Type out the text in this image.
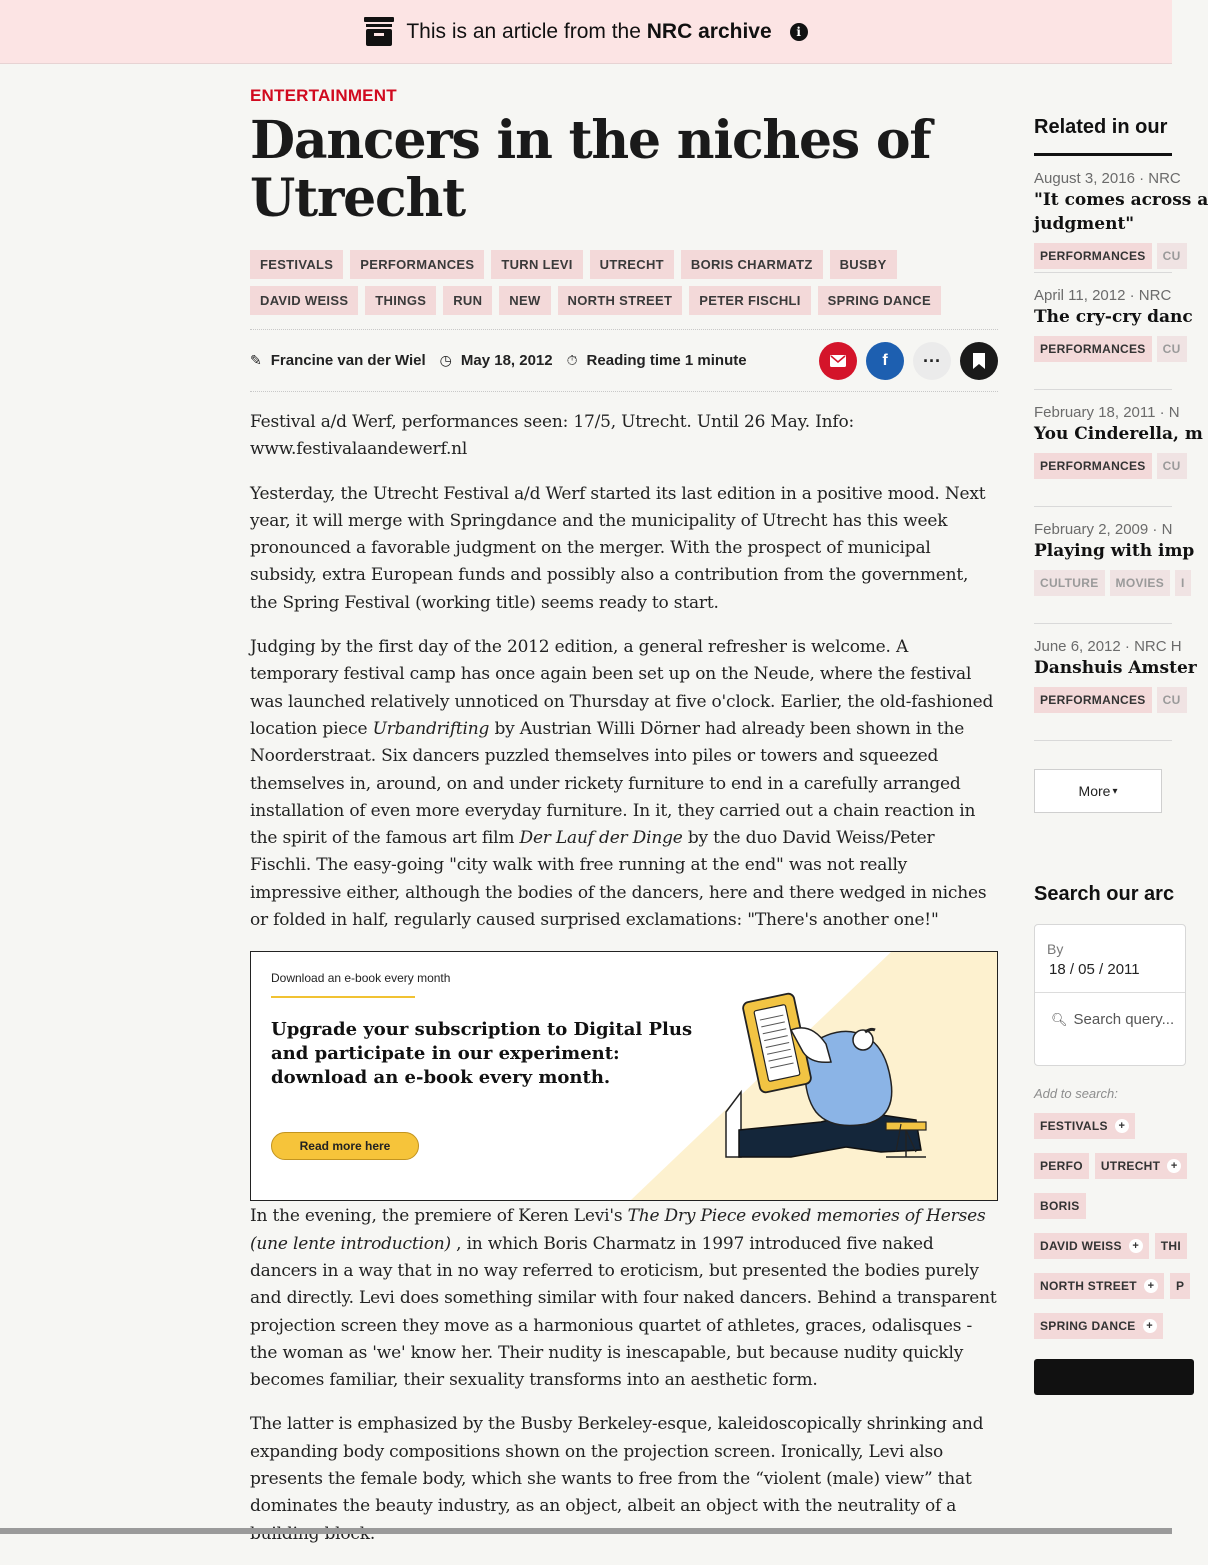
This is an article from the NRC archive	i
ENTERTAINMENT
Dancers in the niches of Utrecht
FESTIVALS	PERFORMANCES	TURN LEVI	UTRECHT	BORIS CHARMATZ	BUSBY
DAVID WEISS	THINGS	RUN	NEW	NORTH STREET	PETER FISCHLI	SPRING DANCE
✎ Francine van der Wiel ◷ May 18, 2012 ⏱ Reading time 1 minute	f ···

Festival a/d Werf, performances seen: 17/5, Utrecht. Until 26 May. Info: www.festivalaandewerf.nl

Yesterday, the Utrecht Festival a/d Werf started its last edition in a positive mood. Next year, it will merge with Springdance and the municipality of Utrecht has this week pronounced a favorable judgment on the merger. With the prospect of municipal subsidy, extra European funds and possibly also a contribution from the government, the Spring Festival (working title) seems ready to start.

Judging by the first day of the 2012 edition, a general refresher is welcome. A temporary festival camp has once again been set up on the Neude, where the festival was launched relatively unnoticed on Thursday at five o'clock. Earlier, the old-fashioned location piece Urbandrifting by Austrian Willi Dörner had already been shown in the Noorderstraat. Six dancers puzzled themselves into piles or towers and squeezed themselves in, around, on and under rickety furniture to end in a carefully arranged installation of even more everyday furniture. In it, they carried out a chain reaction in the spirit of the famous art film Der Lauf der Dinge by the duo David Weiss/Peter Fischli. The easy-going "city walk with free running at the end" was not really impressive either, although the bodies of the dancers, here and there wedged in niches or folded in half, regularly caused surprised exclamations: "There's another one!"

Download an e-book every month
Upgrade your subscription to Digital Plus and participate in our experiment: download an e-book every month.
Read more here

In the evening, the premiere of Keren Levi's The Dry Piece evoked memories of Herses (une lente introduction) , in which Boris Charmatz in 1997 introduced five naked dancers in a way that in no way referred to eroticism, but presented the bodies purely and directly. Levi does something similar with four naked dancers. Behind a transparent projection screen they move as a harmonious quartet of athletes, graces, odalisques - the woman as 'we' know her. Their nudity is inescapable, but because nudity quickly becomes familiar, their sexuality transforms into an aesthetic form.

The latter is emphasized by the Busby Berkeley-esque, kaleidoscopically shrinking and expanding body compositions shown on the projection screen. Ironically, Levi also presents the female body, which she wants to free from the “violent (male) view” that dominates the beauty industry, as an object, albeit an object with the neutrality of a

Related in our
August 3, 2016 · NRC
"It comes across a
judgment"
PERFORMANCES	CU
April 11, 2012 · NRC
The cry-cry danc
PERFORMANCES	CU
February 18, 2011 · N
You Cinderella, m
PERFORMANCES	CU
February 2, 2009 · N
Playing with imp
CULTURE	MOVIES	I
June 6, 2012 · NRC H
Danshuis Amster
PERFORMANCES	CU
More ▾
Search our arc
By
18 / 05 / 2011
🔍︎ Search query...
Add to search:
FESTIVALS +
PERFO UTRECHT +
BORIS
DAVID WEISS +	THI
NORTH STREET +	P
SPRING DANCE +
